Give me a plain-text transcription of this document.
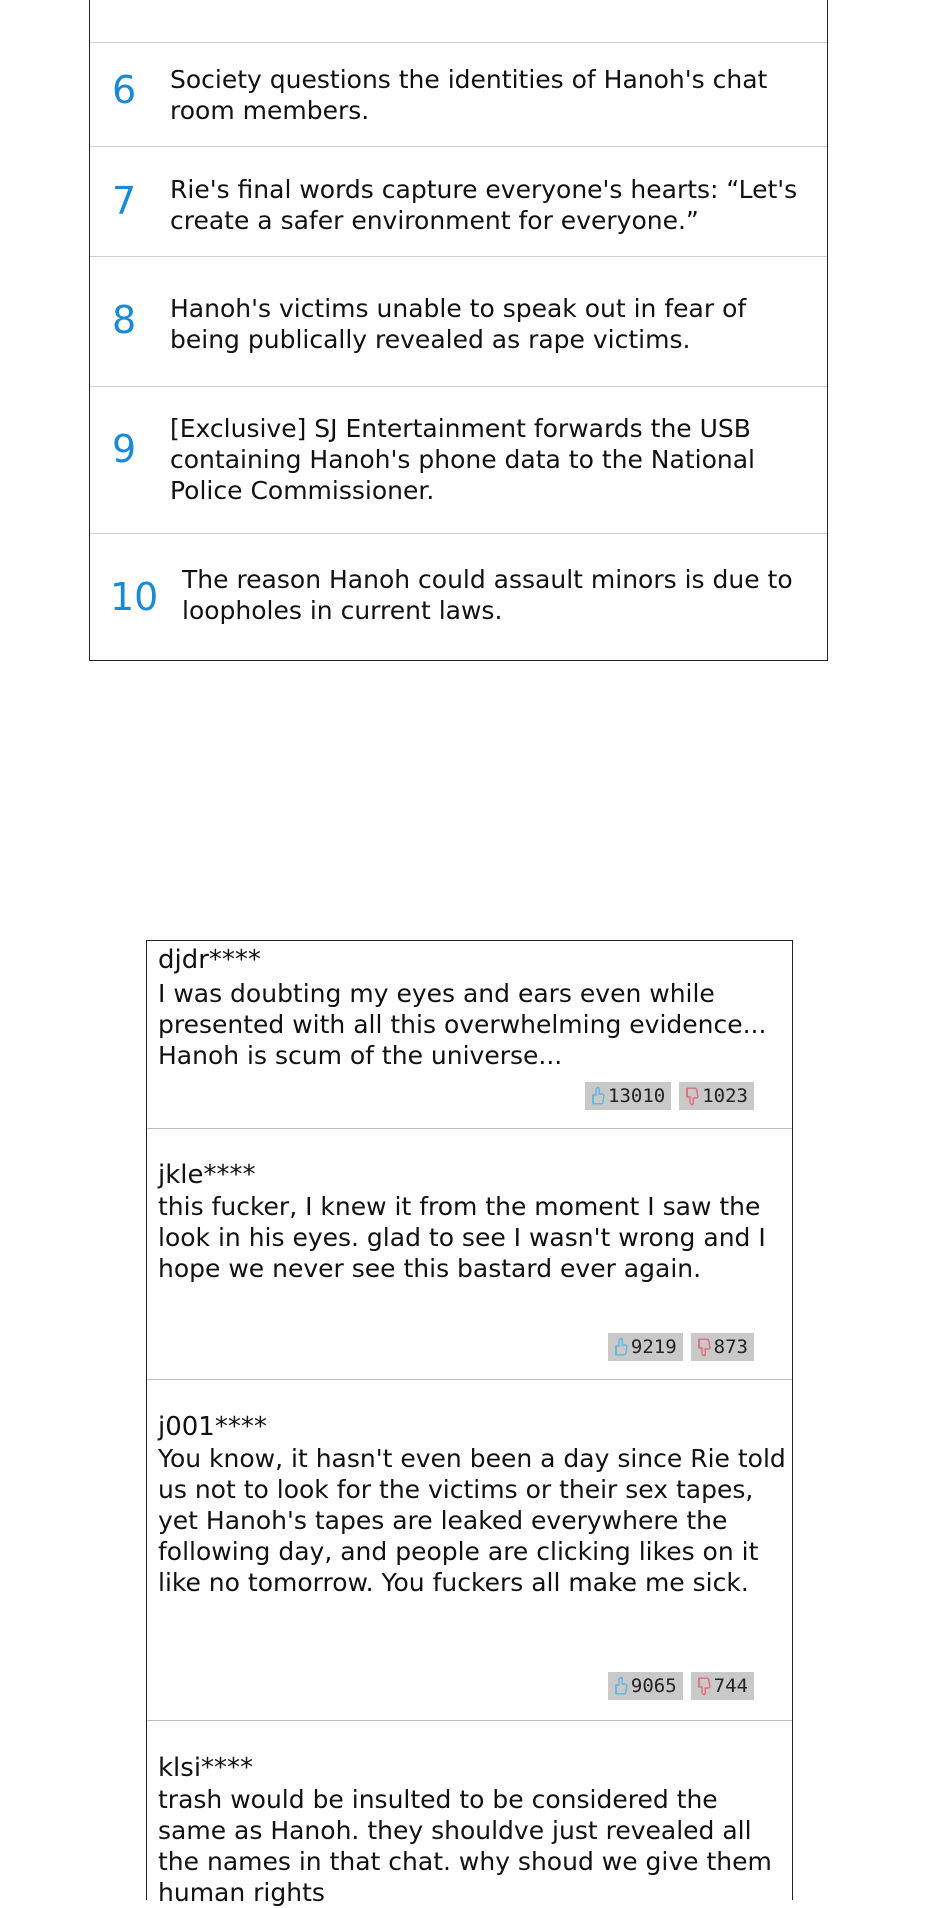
6 Society questions the identities of Hanoh's chat room members.
7 Rie's final words capture everyone's hearts: “Let's create a safer environment for everyone.”
8 Hanoh's victims unable to speak out in fear of being publically revealed as rape victims.
9 [Exclusive] SJ Entertainment forwards the USB containing Hanoh's phone data to the National Police Commissioner.
10 The reason Hanoh could assault minors is due to loopholes in current laws.
djdr****
I was doubting my eyes and ears even while presented with all this overwhelming evidence... Hanoh is scum of the universe...
13010 1023
jkle****
this fucker, I knew it from the moment I saw the look in his eyes. glad to see I wasn't wrong and I hope we never see this bastard ever again.
9219 873
j001****
You know, it hasn't even been a day since Rie told us not to look for the victims or their sex tapes, yet Hanoh's tapes are leaked everywhere the following day, and people are clicking likes on it like no tomorrow. You fuckers all make me sick.
9065 744
klsi****
trash would be insulted to be considered the same as Hanoh. they shouldve just revealed all the names in that chat. why shoud we give them human rights
